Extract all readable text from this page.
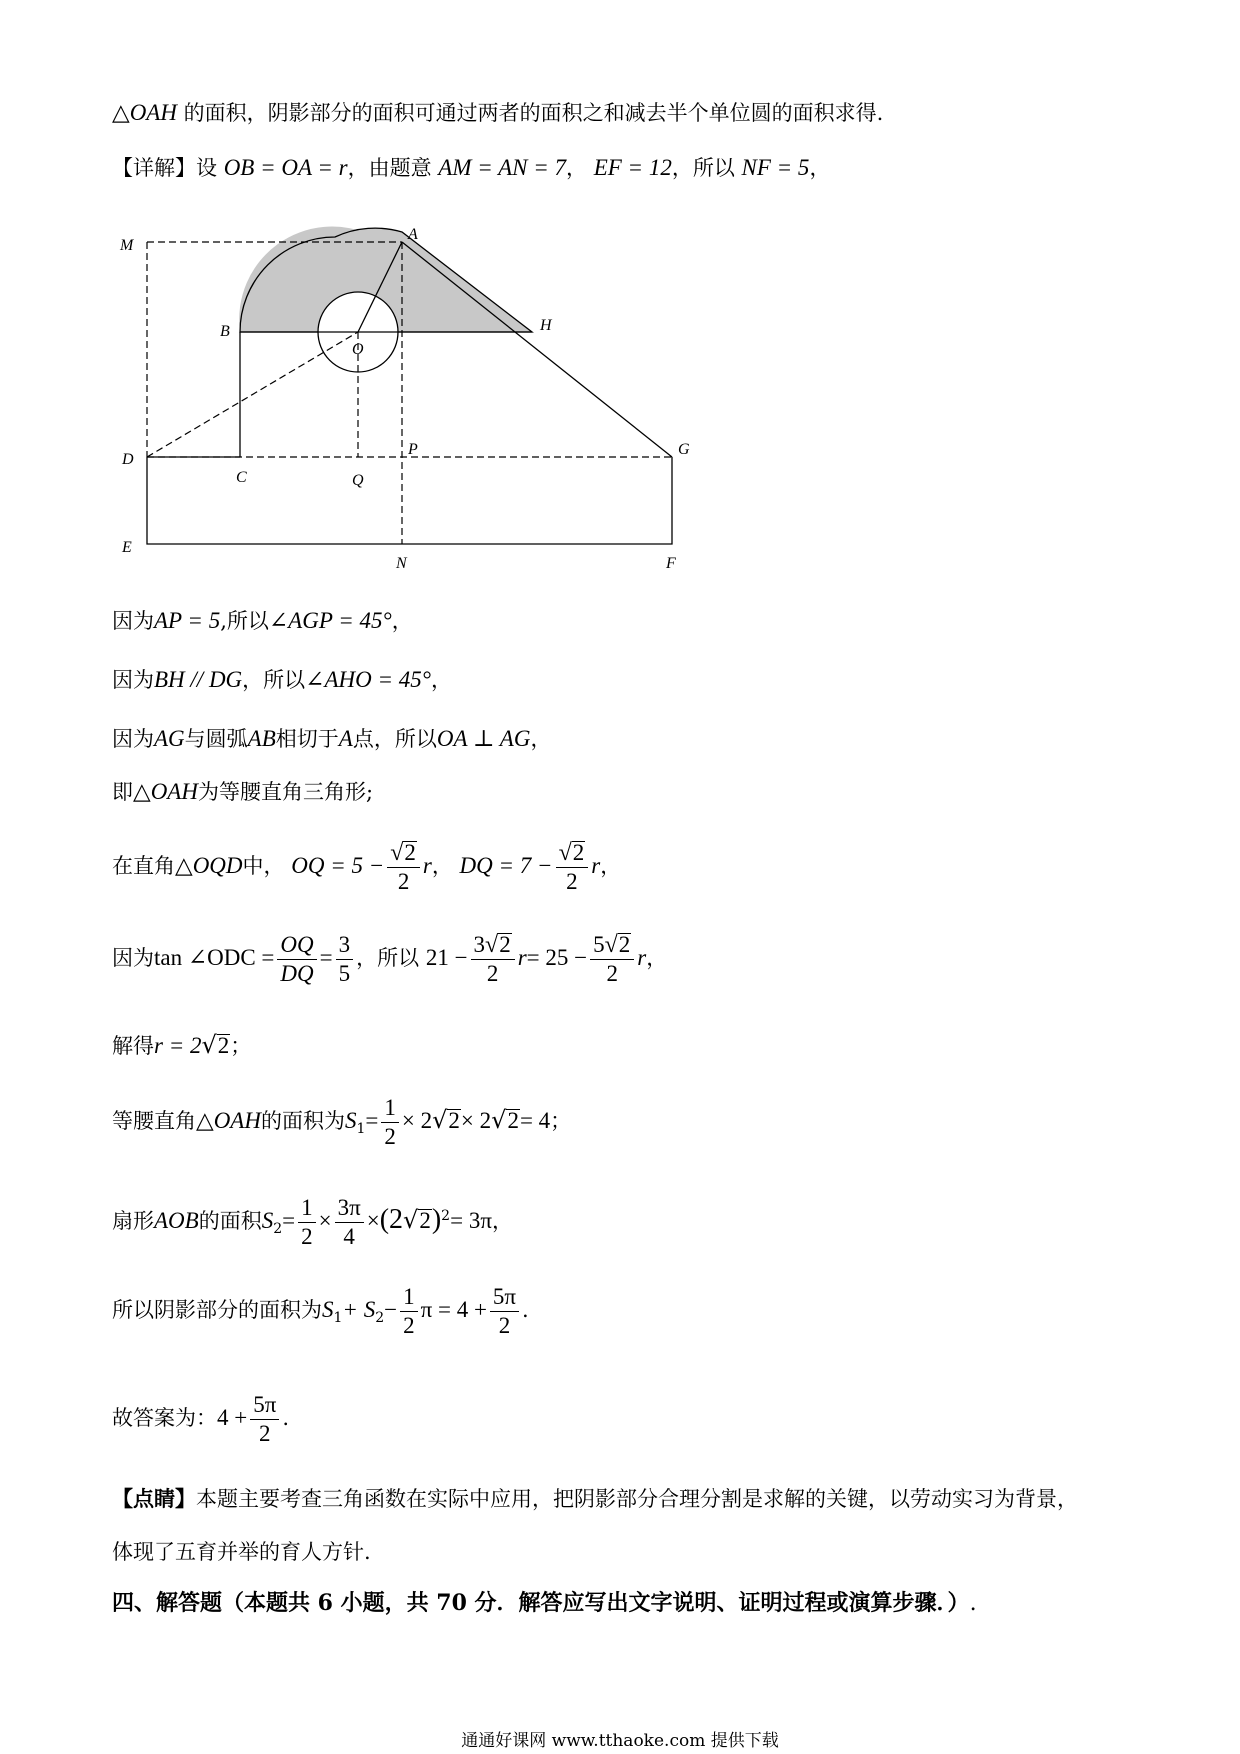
△OAH 的面积，阴影部分的面积可通过两者的面积之和减去半个单位圆的面积求得.
【详解】设 OB = OA = r，由题意 AM = AN = 7， EF = 12，所以 NF = 5，
M
A
B
O
H
D
C	Q
P	G
E
N	F
因为AP = 5,所以∠AGP = 45°，
因为BH // DG，所以∠AHO = 45°，
因为AG与圆弧AB相切于A点，所以OA ⊥ AG，
即△OAH为等腰直角三角形;
在直角△OQD中， OQ = $5 - \frac{√2}{2}$ r， DQ = $7 - \frac{√2}{2}$ r，
因为tan ∠ODC = $\frac{OQ}{DQ} = \frac{3}{5}$ ，所以 $21 - \frac{3√2}{2} r= 25 - \frac{5√2}{2}$ r，
解得r = 2√2；
等腰直角△OAH的面积为$S_1= \frac{1}{2} \times 2√2\times 2√2= 4$；
扇形AOB的面积$S_2= \frac{1}{2} \times \frac{3\pi}{4} \times(2√2)^2= 3\pi$，
所以阴影部分的面积为$S_1+ S_2- \frac{1}{2}$ $\pi = 4 + \frac{5\pi}{2}$ .
故答案为：$4 + \frac{5\pi}{2}$ .
【点睛】本题主要考查三角函数在实际中应用，把阴影部分合理分割是求解的关键，以劳动实习为背景，
体现了五育并举的育人方针.
四、解答题（本题共 6 小题，共 70 分．解答应写出文字说明、证明过程或演算步骤．）.
通通好课网 www.tthaoke.com 提供下载
